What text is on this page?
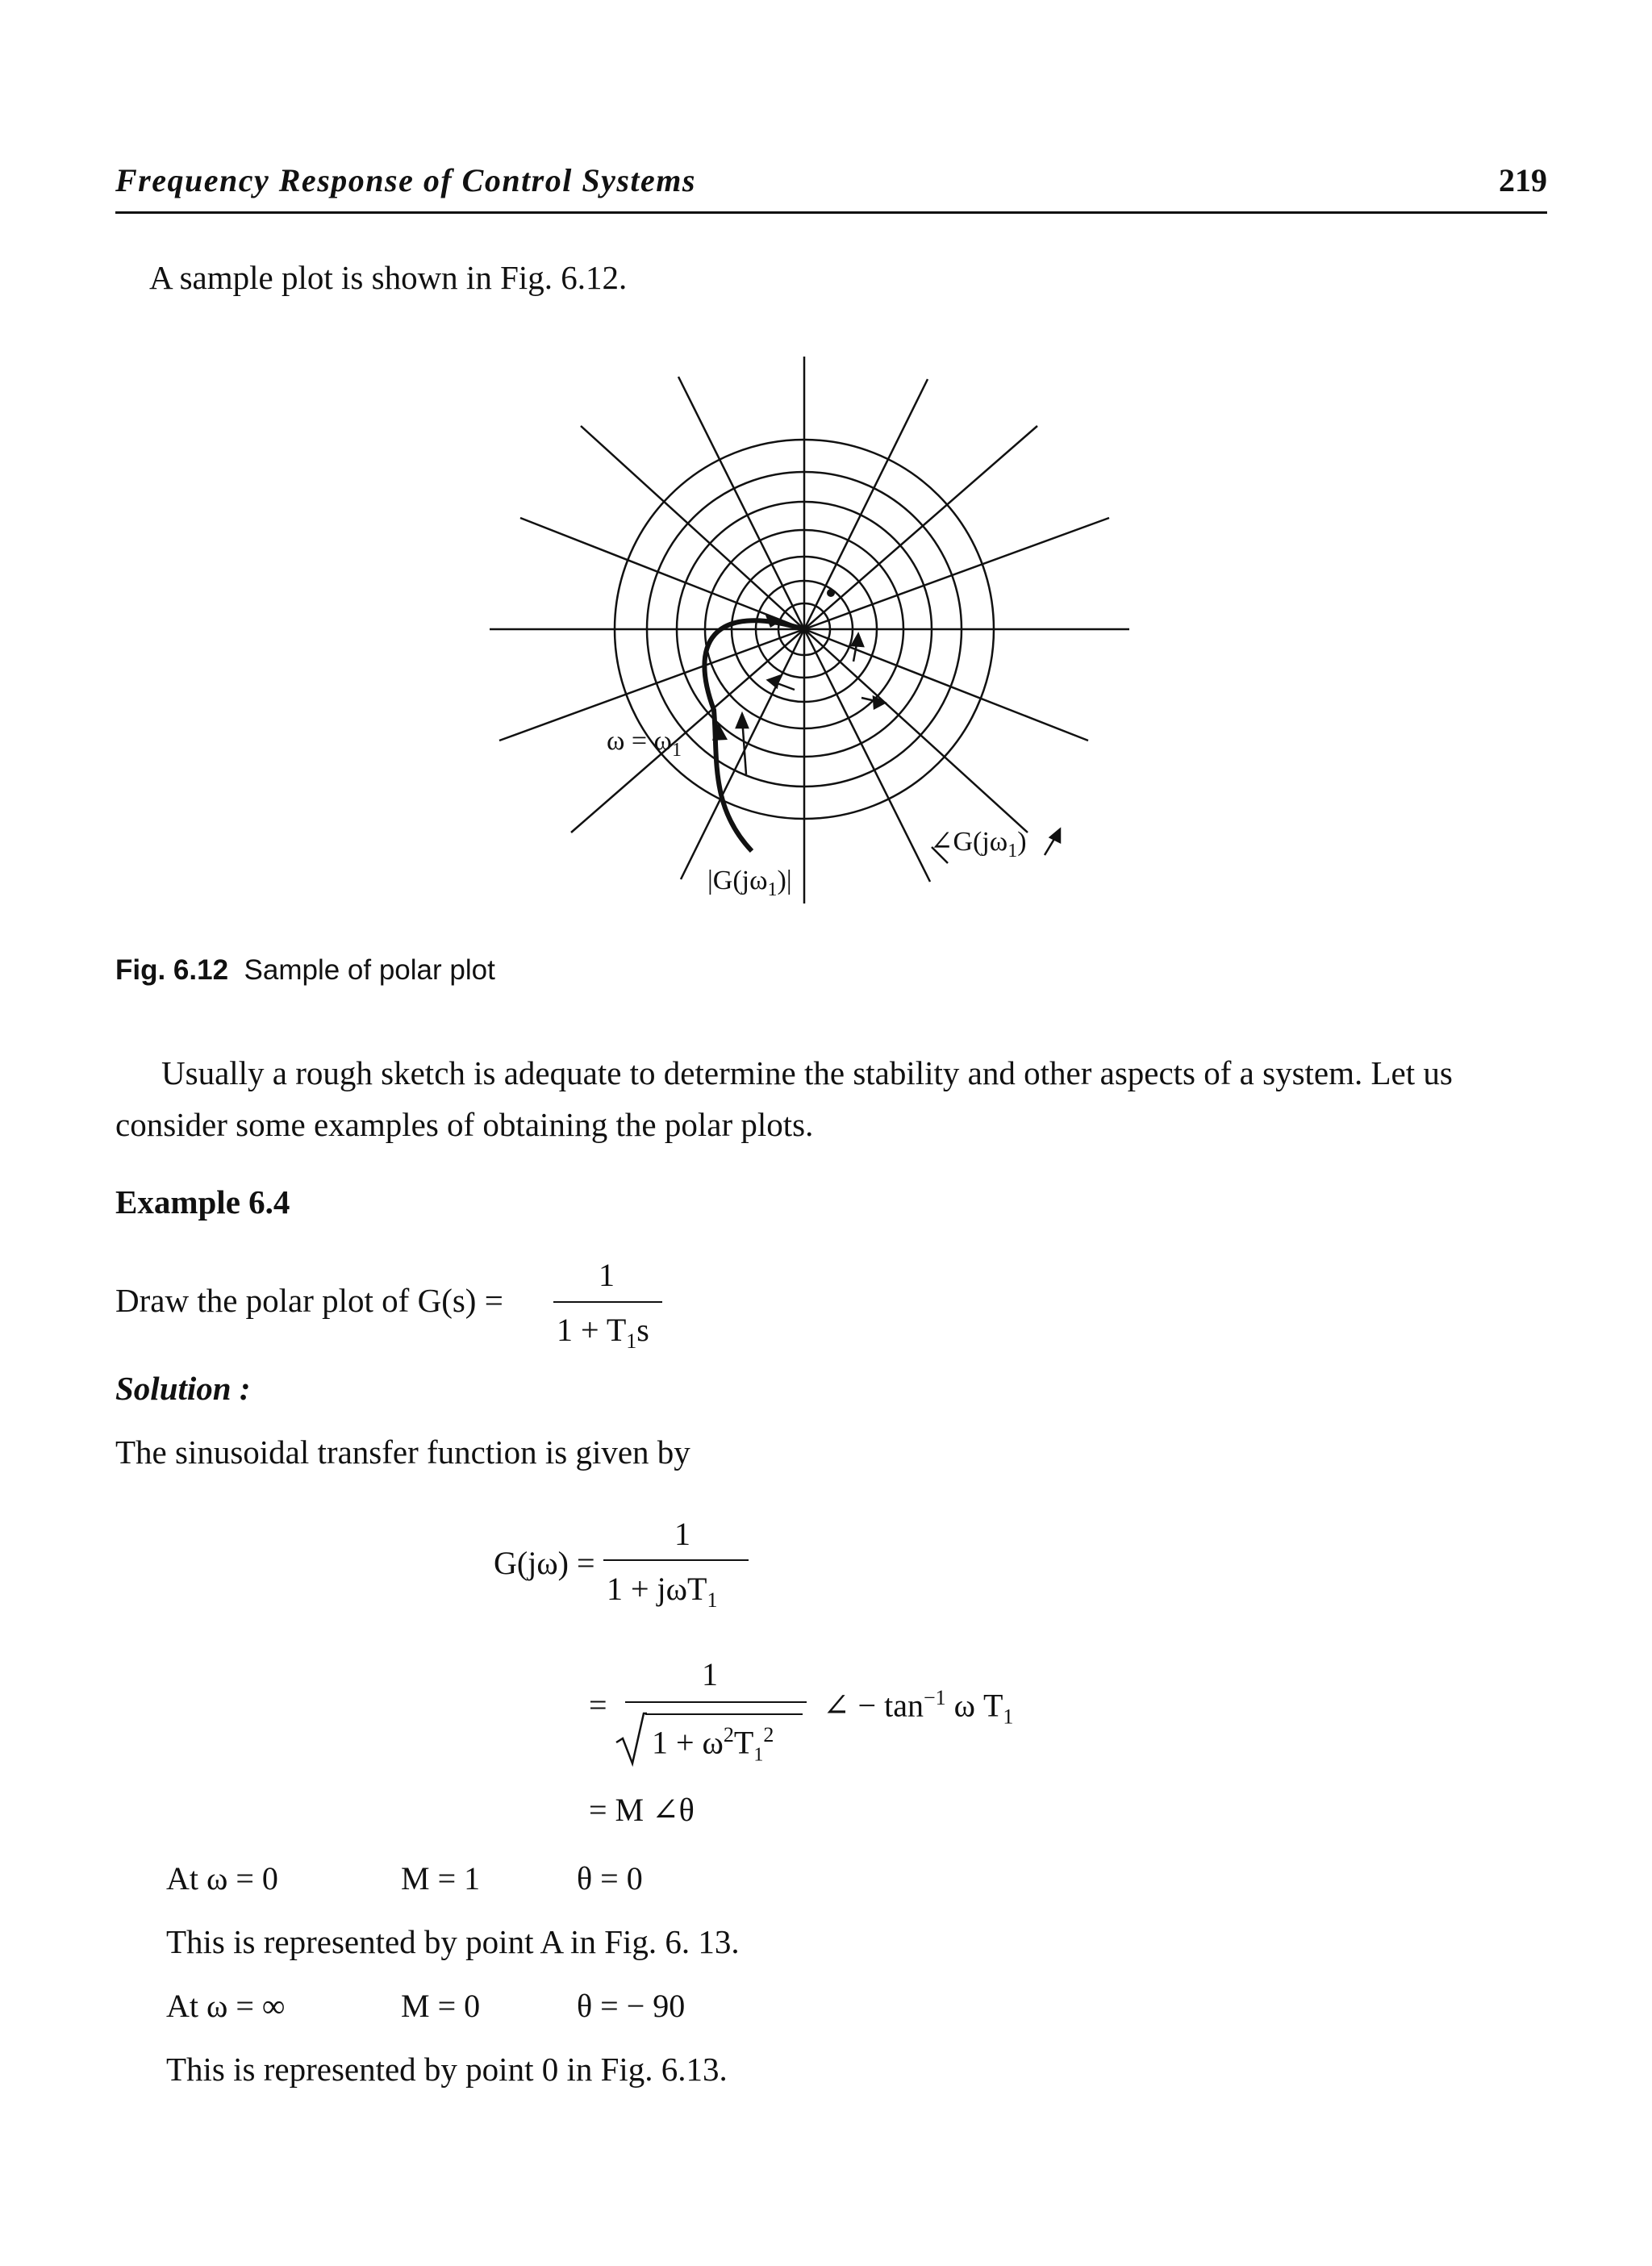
Frequency Response of Control Systems	219
A sample plot is shown in Fig. 6.12.
$\omega = \omega_1$
$|G(j\omega_1)|$
$\angle G(j\omega_1)$
Fig. 6.12 Sample of polar plot
Usually a rough sketch is adequate to determine the stability and other aspects of a system. Let us
consider some examples of obtaining the polar plots.
Example 6.4
Draw the polar plot of G(s) =
1
$1 + T_1s$
Solution :
The sinusoidal transfer function is given by
G(jω) =
1
1 + jωT$_1$
=
1
$1 + \omega^2T_1^2$
∠ − $\tan^{-1} \omega$ $T_1$
= M ∠θ
At ω = 0	M = 1	θ = 0
This is represented by point A in Fig. 6. 13.
At ω = ∞	M = 0	θ = − 90
This is represented by point 0 in Fig. 6.13.
